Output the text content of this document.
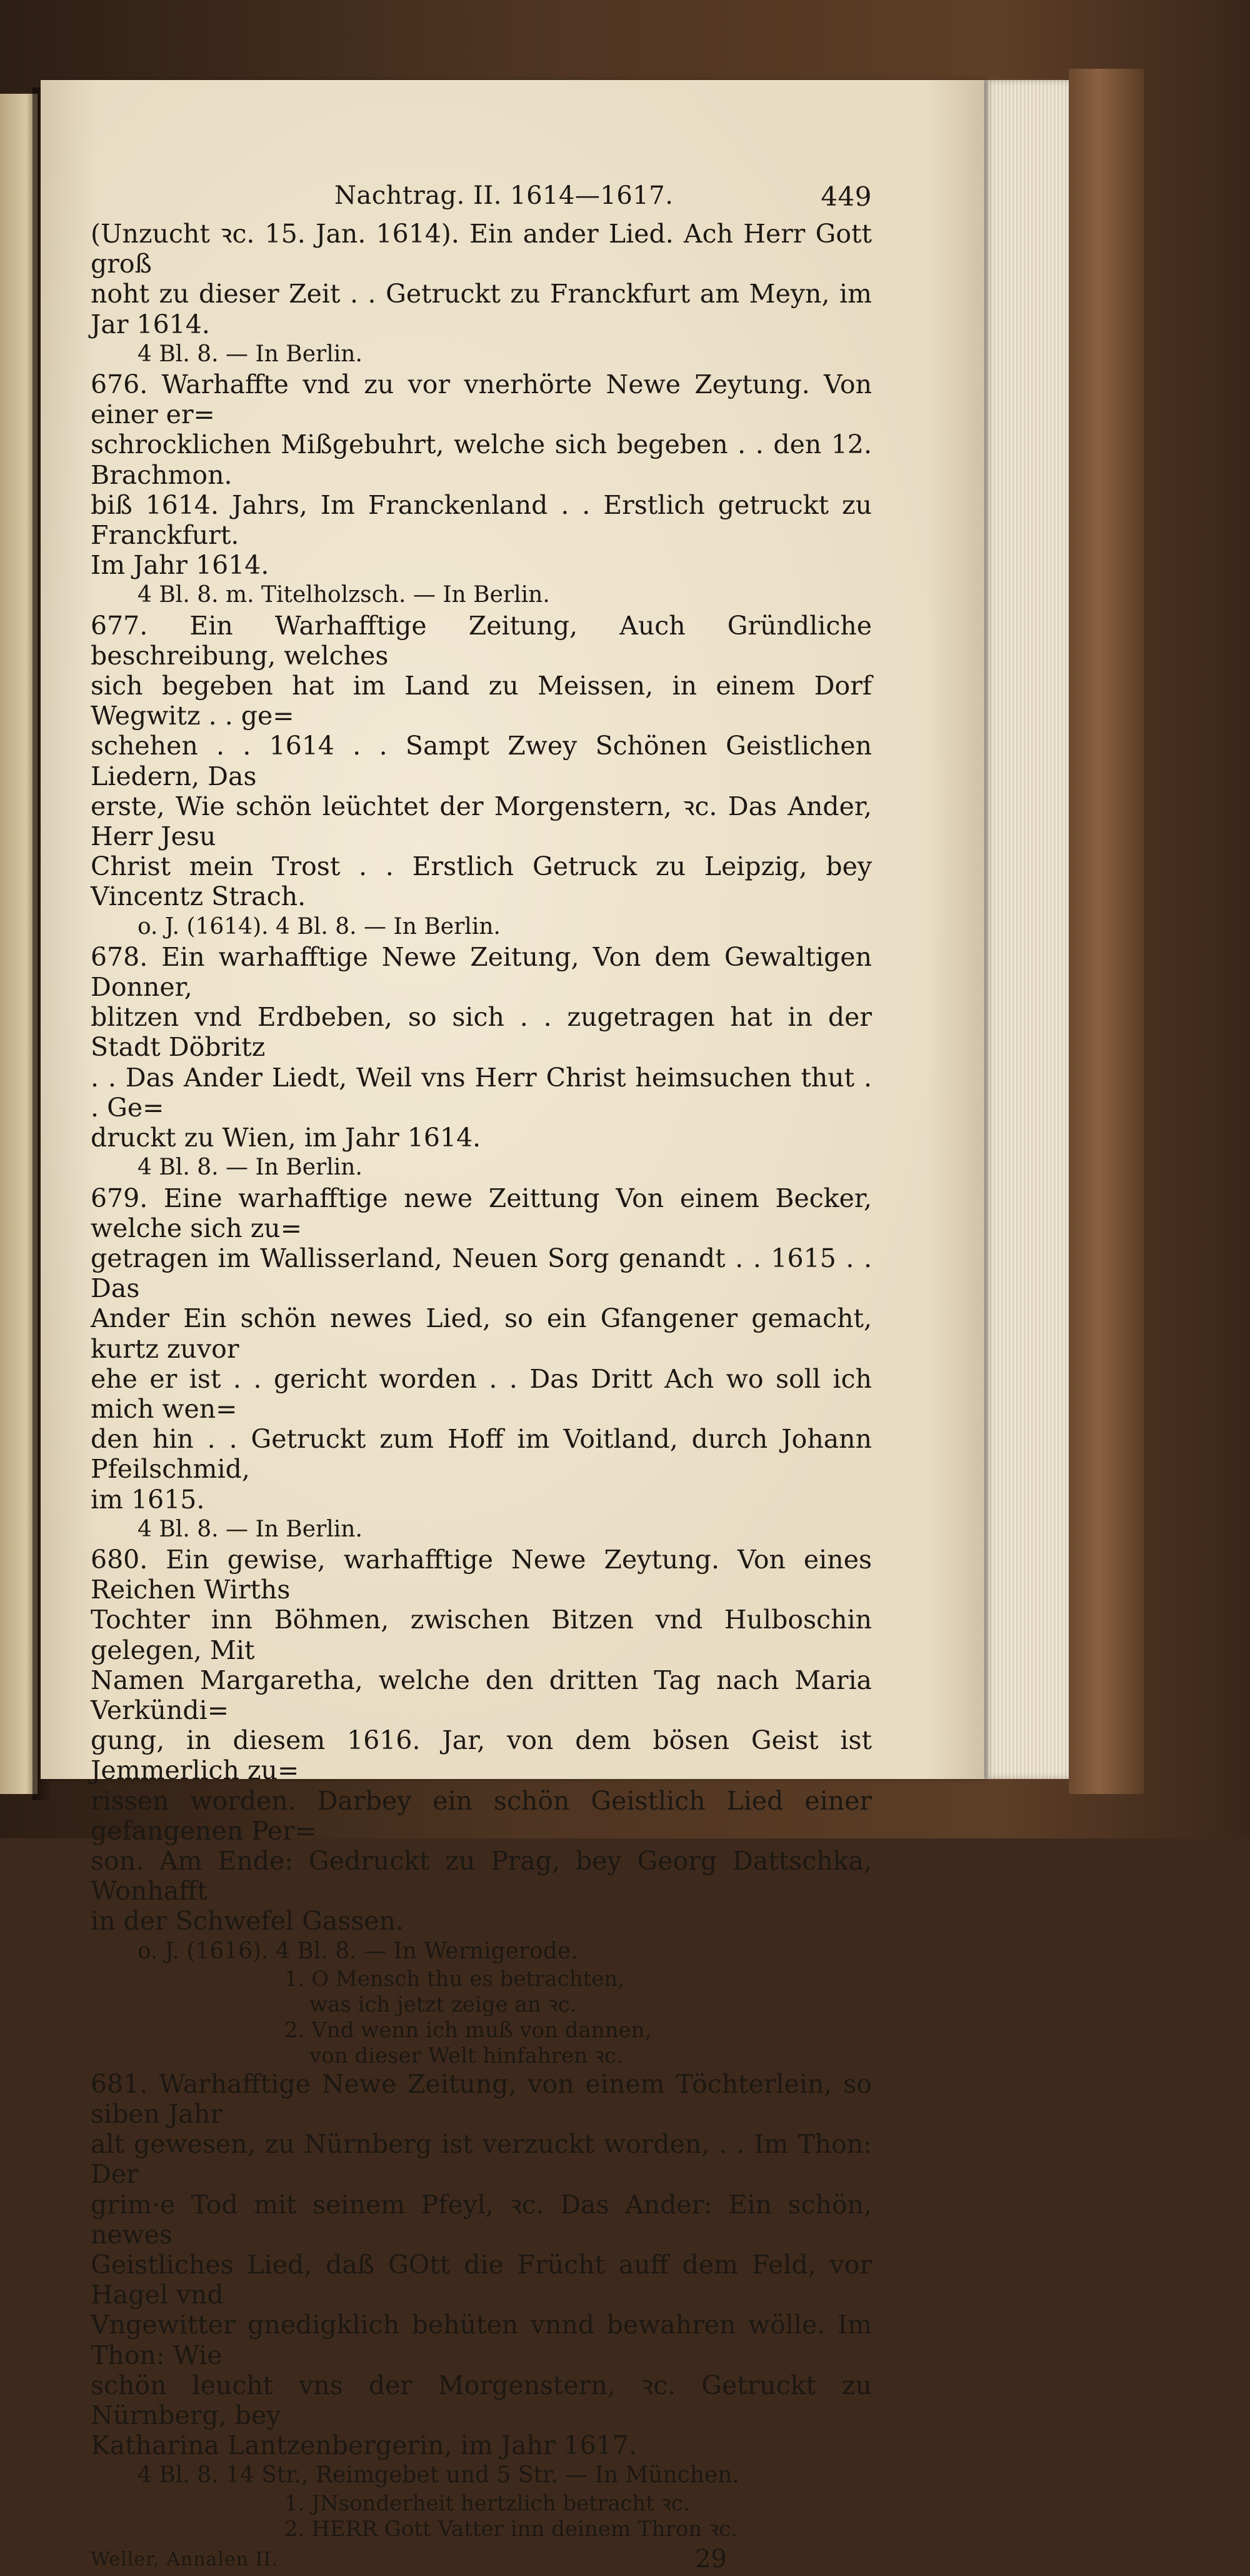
Nachtrag. II. 1614—1617.	449

(Unzucht ꝛc. 15. Jan. 1614). Ein ander Lied. Ach Herr Gott groß

noht zu dieser Zeit . . Getruckt zu Franckfurt am Meyn, im Jar 1614.

4 Bl. 8. — In Berlin.

676. Warhaffte vnd zu vor vnerhörte Newe Zeytung. Von einer er=

schrocklichen Mißgebuhrt, welche sich begeben . . den 12. Brachmon.

biß 1614. Jahrs, Im Franckenland . . Erstlich getruckt zu Franckfurt.

Im Jahr 1614.

4 Bl. 8. m. Titelholzsch. — In Berlin.

677. Ein Warhafftige Zeitung, Auch Gründliche beschreibung, welches

sich begeben hat im Land zu Meissen, in einem Dorf Wegwitz . . ge=

schehen . . 1614 . . Sampt Zwey Schönen Geistlichen Liedern, Das

erste, Wie schön leüchtet der Morgenstern, ꝛc. Das Ander, Herr Jesu

Christ mein Trost . . Erstlich Getruck zu Leipzig, bey Vincentz Strach.

o. J. (1614). 4 Bl. 8. — In Berlin.

678. Ein warhafftige Newe Zeitung, Von dem Gewaltigen Donner,

blitzen vnd Erdbeben, so sich . . zugetragen hat in der Stadt Döbritz

. . Das Ander Liedt, Weil vns Herr Christ heimsuchen thut . . Ge=

druckt zu Wien, im Jahr 1614.

4 Bl. 8. — In Berlin.

679. Eine warhafftige newe Zeittung Von einem Becker, welche sich zu=

getragen im Wallisserland, Neuen Sorg genandt . . 1615 . . Das

Ander Ein schön newes Lied, so ein Gfangener gemacht, kurtz zuvor

ehe er ist . . gericht worden . . Das Dritt Ach wo soll ich mich wen=

den hin . . Getruckt zum Hoff im Voitland, durch Johann Pfeilschmid,

im 1615.

4 Bl. 8. — In Berlin.

680. Ein gewise, warhafftige Newe Zeytung. Von eines Reichen Wirths

Tochter inn Böhmen, zwischen Bitzen vnd Hulboschin gelegen, Mit

Namen Margaretha, welche den dritten Tag nach Maria Verkündi=

gung, in diesem 1616. Jar, von dem bösen Geist ist Jemmerlich zu=

rissen worden. Darbey ein schön Geistlich Lied einer gefangenen Per=

son. Am Ende: Gedruckt zu Prag, bey Georg Dattschka, Wonhafft

in der Schwefel Gassen.

o. J. (1616). 4 Bl. 8. — In Wernigerode.

1. O Mensch thu es betrachten,

was ich jetzt zeige an ꝛc.

2. Vnd wenn ich muß von dannen,

von dieser Welt hinfahren ꝛc.

681. Warhafftige Newe Zeitung, von einem Töchterlein, so siben Jahr

alt gewesen, zu Nürnberg ist verzuckt worden, . . Im Thon: Der

grim·e Tod mit seinem Pfeyl, ꝛc. Das Ander: Ein schön, newes

Geistliches Lied, daß GOtt die Frücht auff dem Feld, vor Hagel vnd

Vngewitter gnedigklich behüten vnnd bewahren wölle. Im Thon: Wie

schön leucht vns der Morgenstern, ꝛc. Getruckt zu Nürnberg, bey

Katharina Lantzenbergerin, im Jahr 1617.

4 Bl. 8. 14 Str., Reimgebet und 5 Str. — In München.

1. JNsonderheit hertzlich betracht ꝛc.

2. HERR Gott Vatter inn deinem Thron ꝛc.

Weller, Annalen II.	29
